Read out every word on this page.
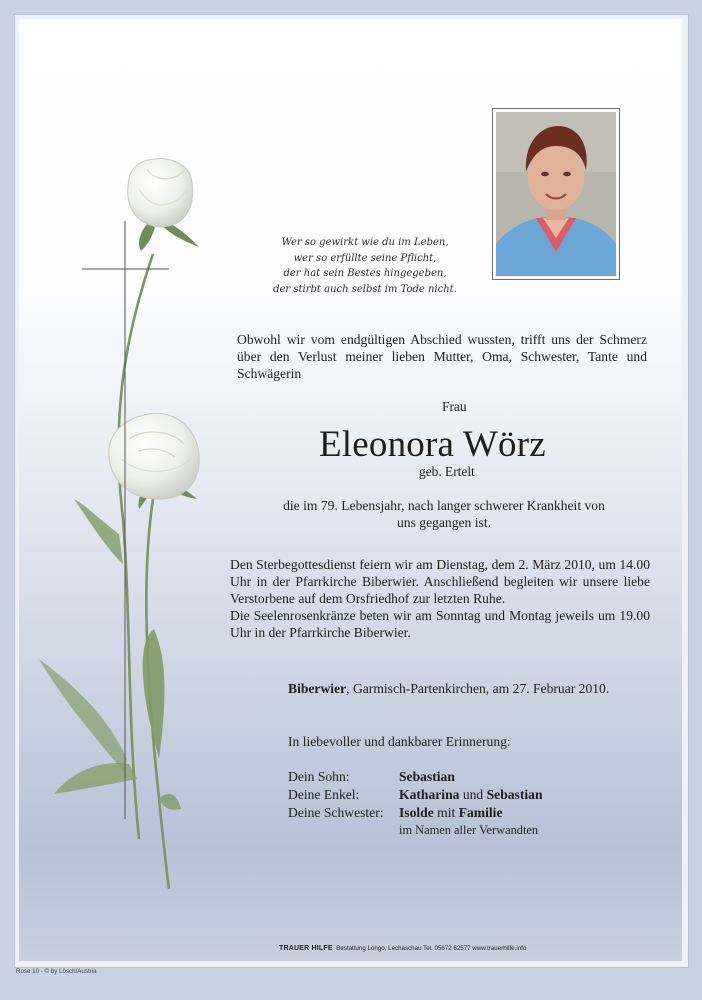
Wer so gewirkt wie du im Leben,
wer so erfüllte seine Pflicht,
der hat sein Bestes hingegeben,
der stirbt auch selbst im Tode nicht.
Obwohl wir vom endgültigen Abschied wussten, trifft uns der Schmerz über den Verlust meiner lieben Mutter, Oma, Schwester, Tante und Schwägerin
Frau
Eleonora Wörz
geb. Ertelt
die im 79. Lebensjahr, nach langer schwerer Krankheit von uns gegangen ist.

Den Sterbegottesdienst feiern wir am Dienstag, dem 2. März 2010, um 14.00 Uhr in der Pfarrkirche Biberwier. Anschließend begleiten wir unsere liebe Verstorbene auf dem Orsfriedhof zur letzten Ruhe.

Die Seelenrosenkränze beten wir am Sonntag und Montag jeweils um 19.00 Uhr in der Pfarrkirche Biberwier.

Biberwier, Garmisch-Partenkirchen, am 27. Februar 2010.
In liebevoller und dankbarer Erinnerung:
Dein Sohn:	Sebastian
Deine Enkel:	Katharina und Sebastian
Deine Schwester: Isolde mit Familie
im Namen aller Verwandten
TRAUER HILFE Bestattung Longo, Lechaschau Tel. 05672 62577 www.trauerhilfe.info
Rose 10 - © by Lösch/Austria
